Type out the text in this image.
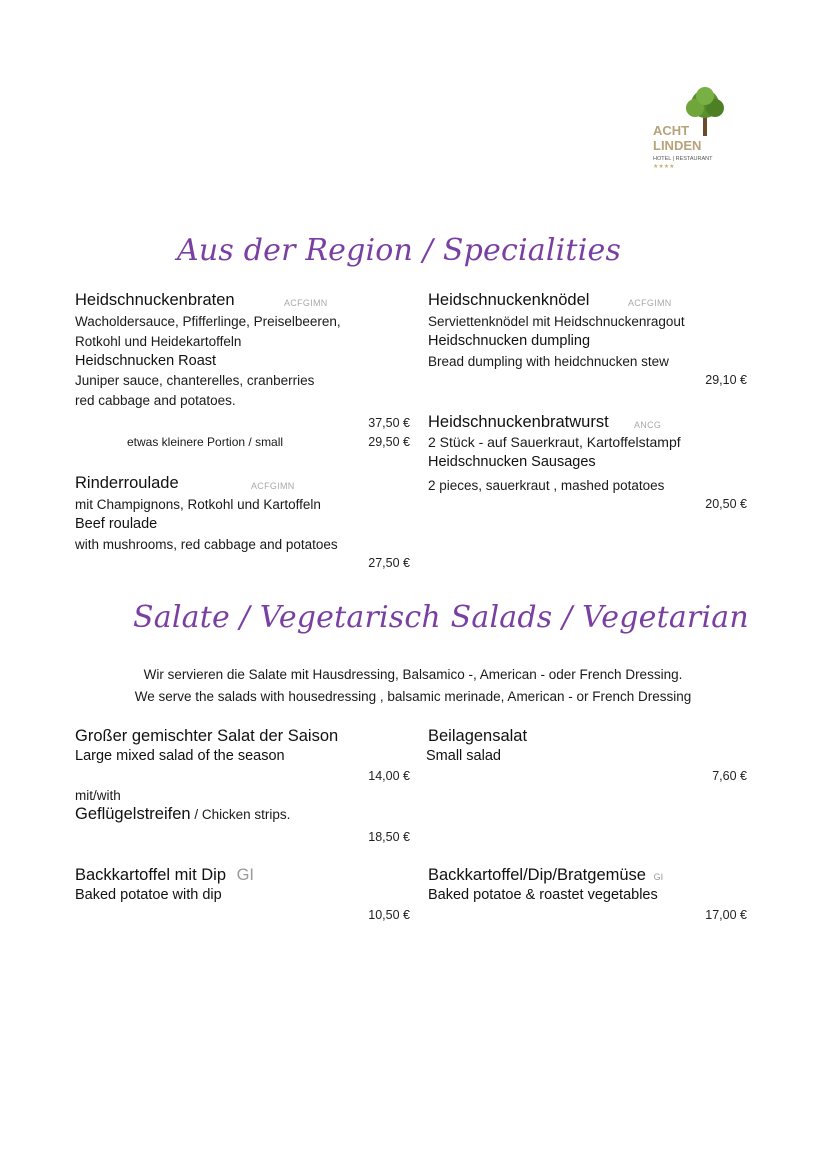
ACHT
LINDEN
HOTEL | RESTAURANT
★★★★
Aus der Region / Specialities
Heidschnuckenbraten	ACFGIMN
Wacholdersauce, Pfifferlinge, Preiselbeeren,
Rotkohl und Heidekartoffeln
Heidschnucken Roast
Juniper sauce, chanterelles, cranberries
red cabbage and potatoes.
37,50 €
etwas kleinere Portion / small	29,50 €
Rinderroulade	ACFGIMN
mit Champignons, Rotkohl und Kartoffeln
Beef roulade
with mushrooms, red cabbage and potatoes
27,50 €
Heidschnuckenknödel	ACFGIMN
Serviettenknödel mit Heidschnuckenragout
Heidschnucken dumpling
Bread dumpling with heidchnucken stew
29,10 €
Heidschnuckenbratwurst	ANCG
2 Stück - auf Sauerkraut, Kartoffelstampf
Heidschnucken Sausages
2 pieces, sauerkraut , mashed potatoes
20,50 €
Salate / Vegetarisch Salads / Vegetarian
Wir servieren die Salate mit Hausdressing, Balsamico -, American - oder French Dressing.
We serve the salads with housedressing , balsamic merinade, American - or French Dressing
Großer gemischter Salat der Saison
Large mixed salad of the season
14,00 €
mit/with
Geflügelstreifen / Chicken strips.
18,50 €
Backkartoffel mit Dip GI
Baked potatoe with dip
10,50 €
Beilagensalat
Small salad
7,60 €
Backkartoffel/Dip/Bratgemüse GI
Baked potatoe & roastet vegetables
17,00 €
